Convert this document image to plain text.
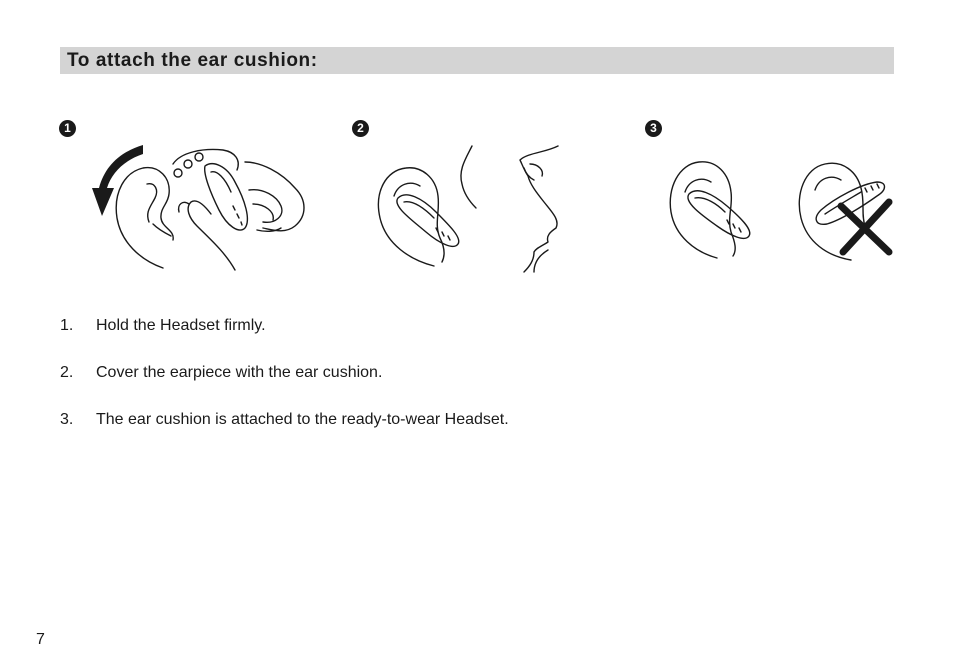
To attach the ear cushion:
1	2	3
1. Hold the Headset firmly.
2. Cover the earpiece with the ear cushion.
3. The ear cushion is attached to the ready-to-wear Headset.
7
